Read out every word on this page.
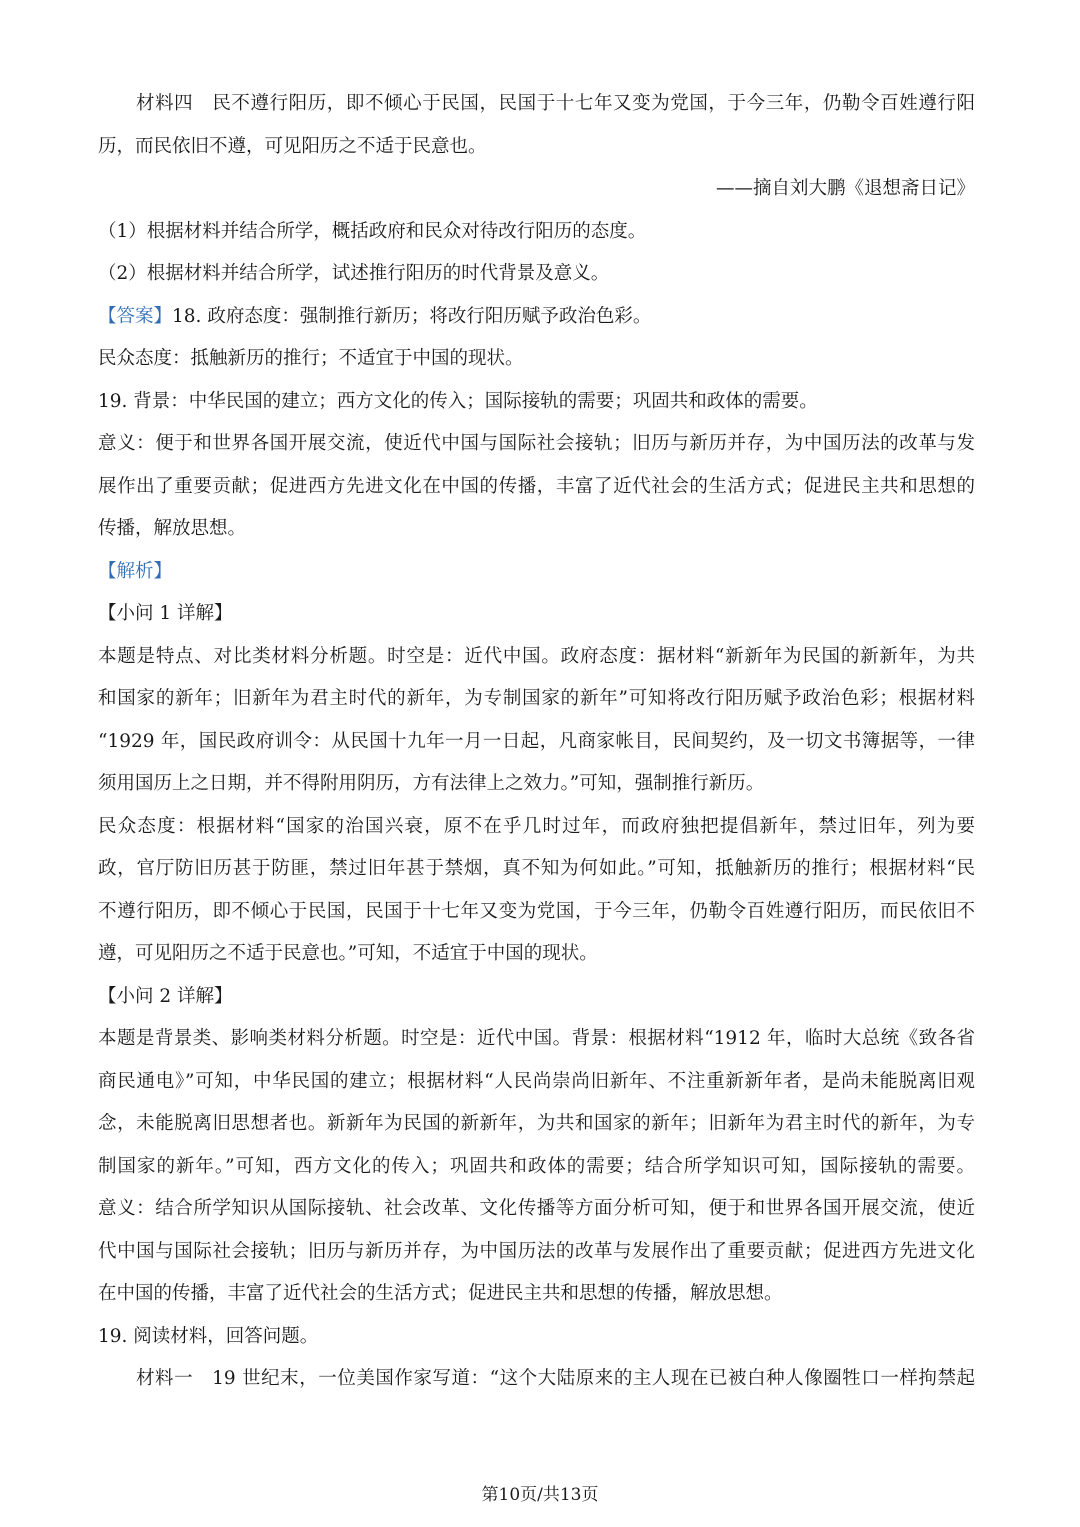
材料四　民不遵行阳历，即不倾心于民国，民国于十七年又变为党国，于今三年，仍勒令百姓遵行阳
历，而民依旧不遵，可见阳历之不适于民意也。
——摘自刘大鹏《退想斋日记》
（1）根据材料并结合所学，概括政府和民众对待改行阳历的态度。
（2）根据材料并结合所学，试述推行阳历的时代背景及意义。
【答案】18. 政府态度：强制推行新历；将改行阳历赋予政治色彩。
民众态度：抵触新历的推行；不适宜于中国的现状。
19. 背景：中华民国的建立；西方文化的传入；国际接轨的需要；巩固共和政体的需要。
意义：便于和世界各国开展交流，使近代中国与国际社会接轨；旧历与新历并存，为中国历法的改革与发
展作出了重要贡献；促进西方先进文化在中国的传播，丰富了近代社会的生活方式；促进民主共和思想的
传播，解放思想。
【解析】
【小问 1 详解】
本题是特点、对比类材料分析题。时空是：近代中国。政府态度：据材料“新新年为民国的新新年，为共
和国家的新年；旧新年为君主时代的新年，为专制国家的新年”可知将改行阳历赋予政治色彩；根据材料
“1929 年，国民政府训令：从民国十九年一月一日起，凡商家帐目，民间契约，及一切文书簿据等，一律
须用国历上之日期，并不得附用阴历，方有法律上之效力。”可知，强制推行新历。
民众态度：根据材料“国家的治国兴衰，原不在乎几时过年，而政府独把提倡新年，禁过旧年，列为要
政，官厅防旧历甚于防匪，禁过旧年甚于禁烟，真不知为何如此。”可知，抵触新历的推行；根据材料“民
不遵行阳历，即不倾心于民国，民国于十七年又变为党国，于今三年，仍勒令百姓遵行阳历，而民依旧不
遵，可见阳历之不适于民意也。”可知，不适宜于中国的现状。
【小问 2 详解】
本题是背景类、影响类材料分析题。时空是：近代中国。背景：根据材料“1912 年，临时大总统《致各省
商民通电》”可知，中华民国的建立；根据材料“人民尚崇尚旧新年、不注重新新年者，是尚未能脱离旧观
念，未能脱离旧思想者也。新新年为民国的新新年，为共和国家的新年；旧新年为君主时代的新年，为专
制国家的新年。”可知，西方文化的传入；巩固共和政体的需要；结合所学知识可知，国际接轨的需要。
意义：结合所学知识从国际接轨、社会改革、文化传播等方面分析可知，便于和世界各国开展交流，使近
代中国与国际社会接轨；旧历与新历并存，为中国历法的改革与发展作出了重要贡献；促进西方先进文化
在中国的传播，丰富了近代社会的生活方式；促进民主共和思想的传播，解放思想。
19. 阅读材料，回答问题。
材料一　19 世纪末，一位美国作家写道：“这个大陆原来的主人现在已被白种人像圈牲口一样拘禁起
第10页/共13页
